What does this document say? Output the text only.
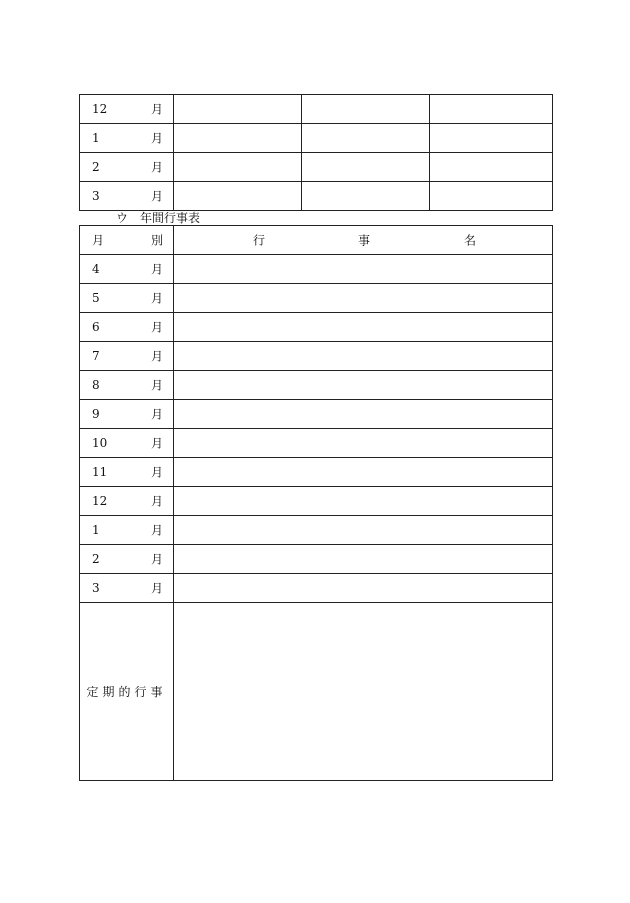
12 月			

1 月			

2 月			

3 月			

ウ　年間行事表
月 別	行 事 名

4 月	

5 月	

6 月	

7 月	

8 月	

9 月	

10 月	

11 月	

12 月	

1 月	

2 月	

3 月	

定期的行事	
